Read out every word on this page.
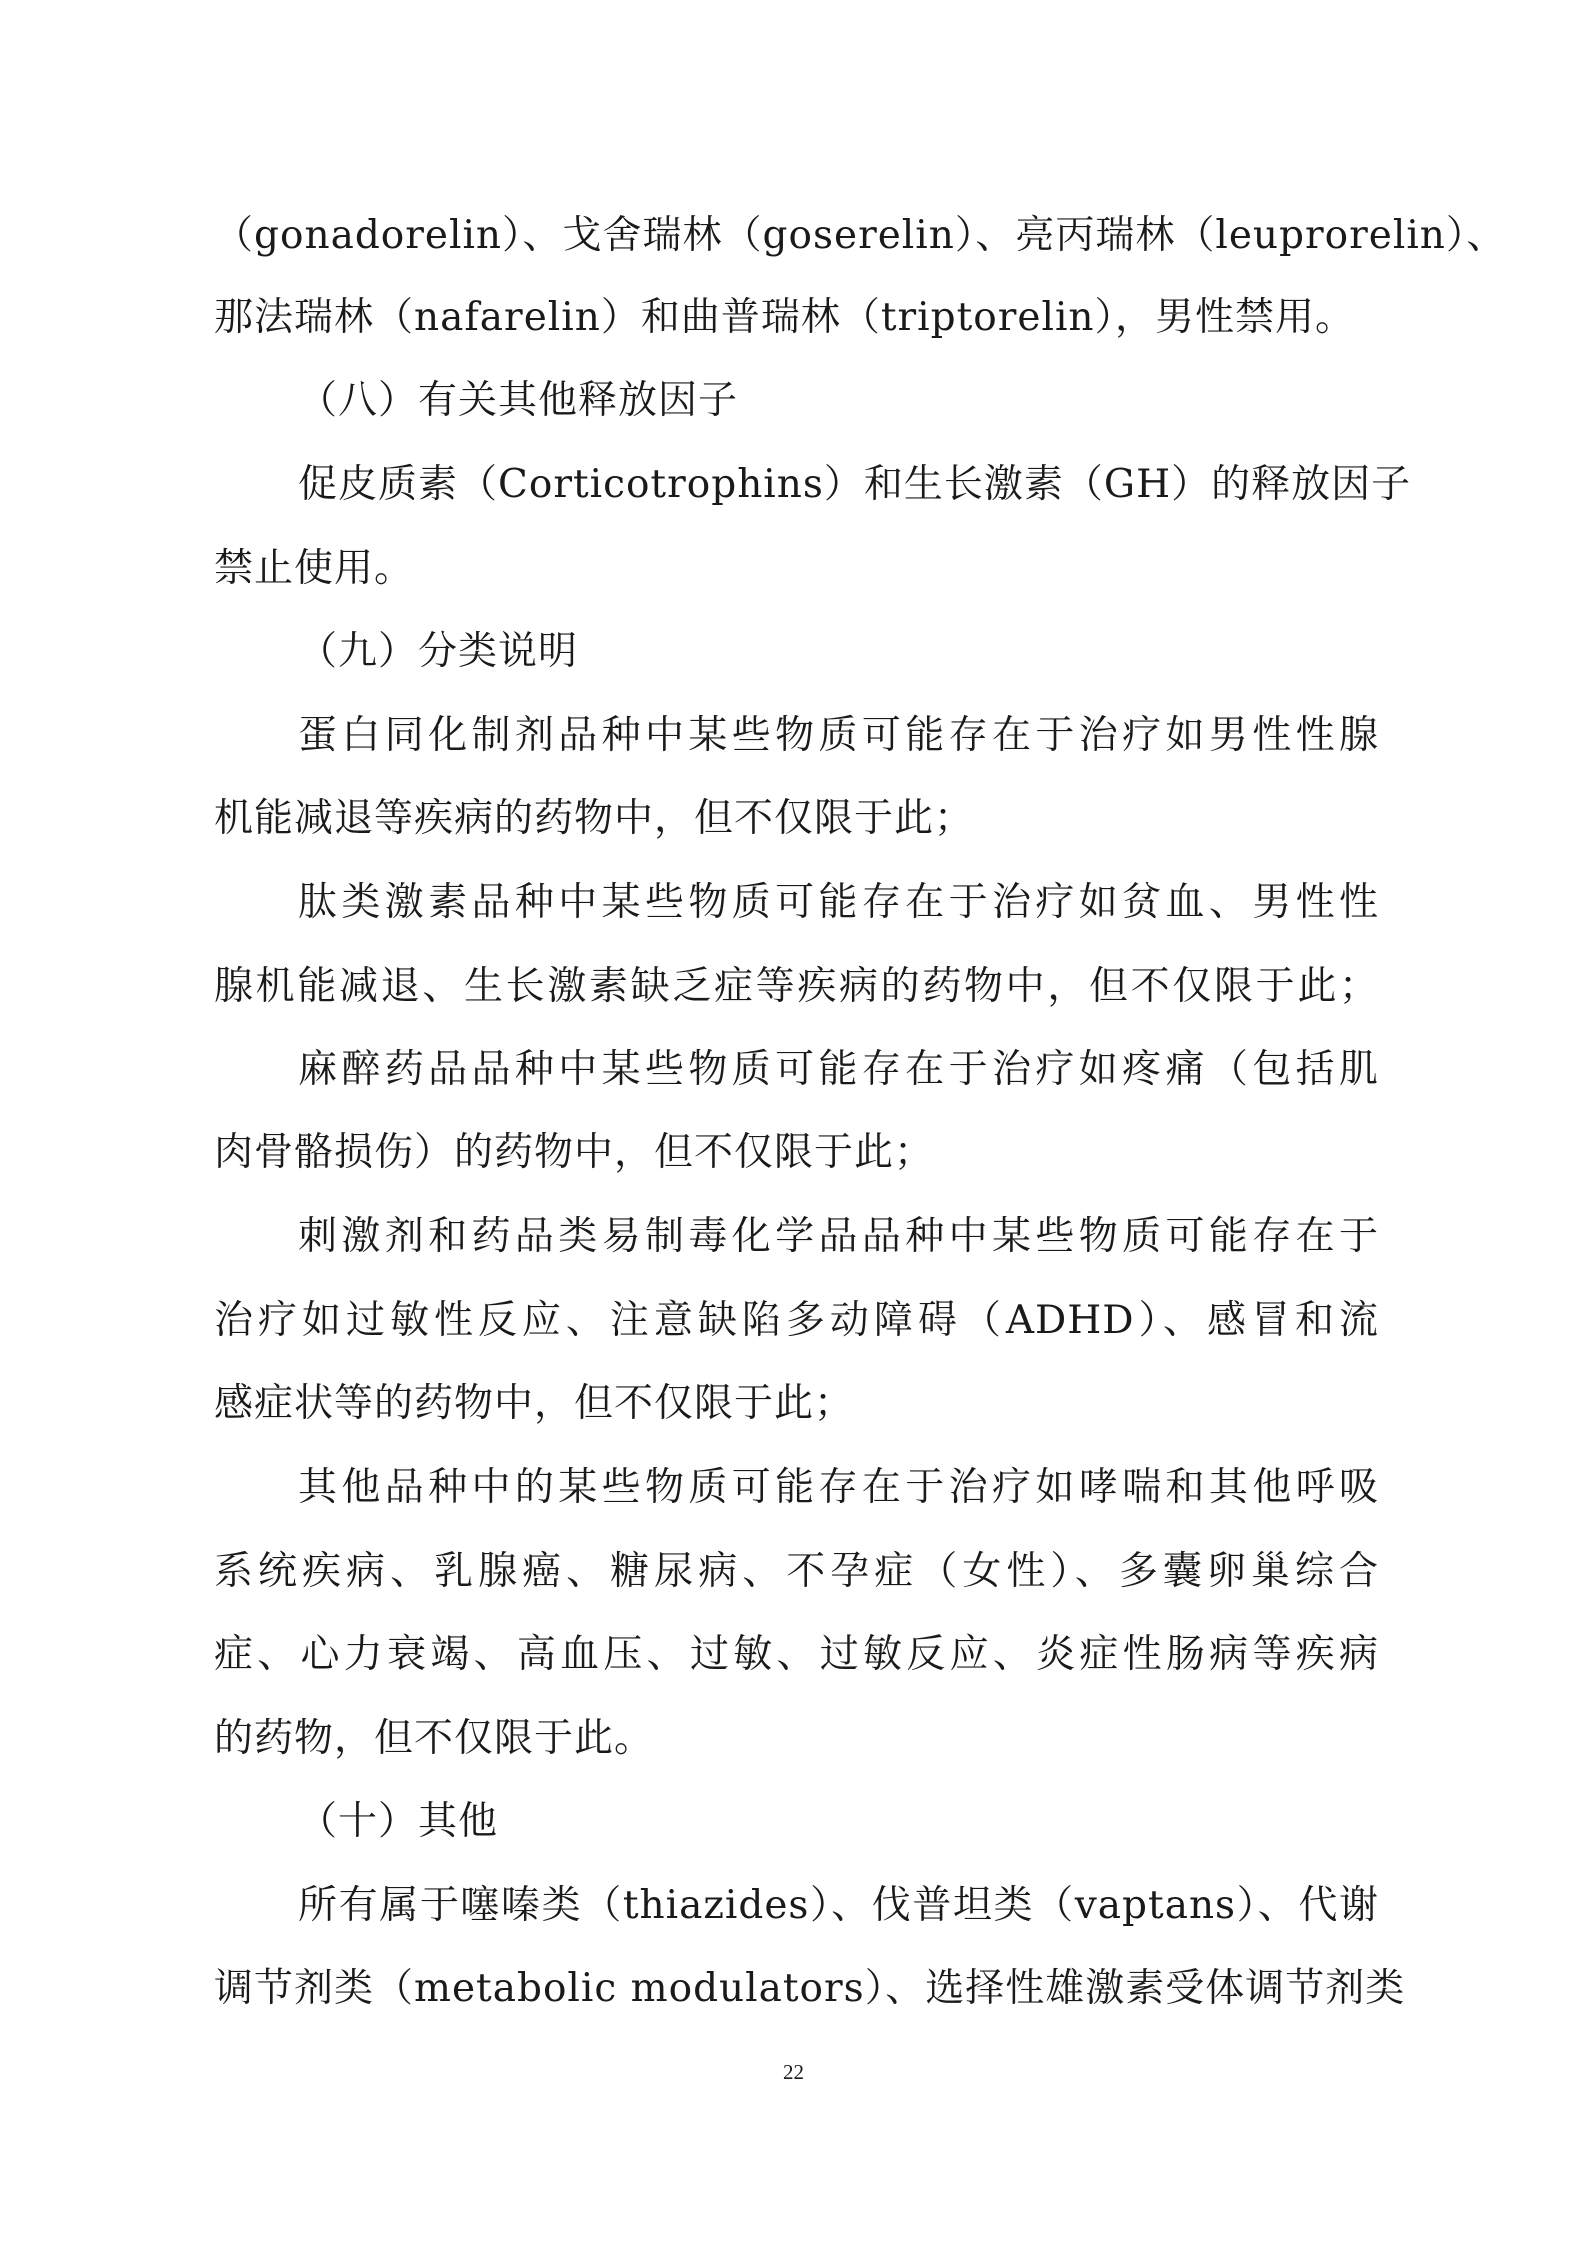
（gonadorelin）、戈舍瑞林（goserelin）、亮丙瑞林（leuprorelin）、
那法瑞林（nafarelin）和曲普瑞林（triptorelin），男性禁用。
（八）有关其他释放因子
促皮质素（Corticotrophins）和生长激素（GH）的释放因子
禁止使用。
（九）分类说明
蛋白同化制剂品种中某些物质可能存在于治疗如男性性腺
机能减退等疾病的药物中，但不仅限于此；
肽类激素品种中某些物质可能存在于治疗如贫血、男性性
腺机能减退、生长激素缺乏症等疾病的药物中，但不仅限于此；
麻醉药品品种中某些物质可能存在于治疗如疼痛（包括肌
肉骨骼损伤）的药物中，但不仅限于此；
刺激剂和药品类易制毒化学品品种中某些物质可能存在于
治疗如过敏性反应、注意缺陷多动障碍（ADHD）、感冒和流
感症状等的药物中，但不仅限于此；
其他品种中的某些物质可能存在于治疗如哮喘和其他呼吸
系统疾病、乳腺癌、糖尿病、不孕症（女性）、多囊卵巢综合
症、心力衰竭、高血压、过敏、过敏反应、炎症性肠病等疾病
的药物，但不仅限于此。
（十）其他
所有属于噻嗪类（thiazides）、伐普坦类（vaptans）、代谢
调节剂类（metabolic modulators）、选择性雄激素受体调节剂类
22
